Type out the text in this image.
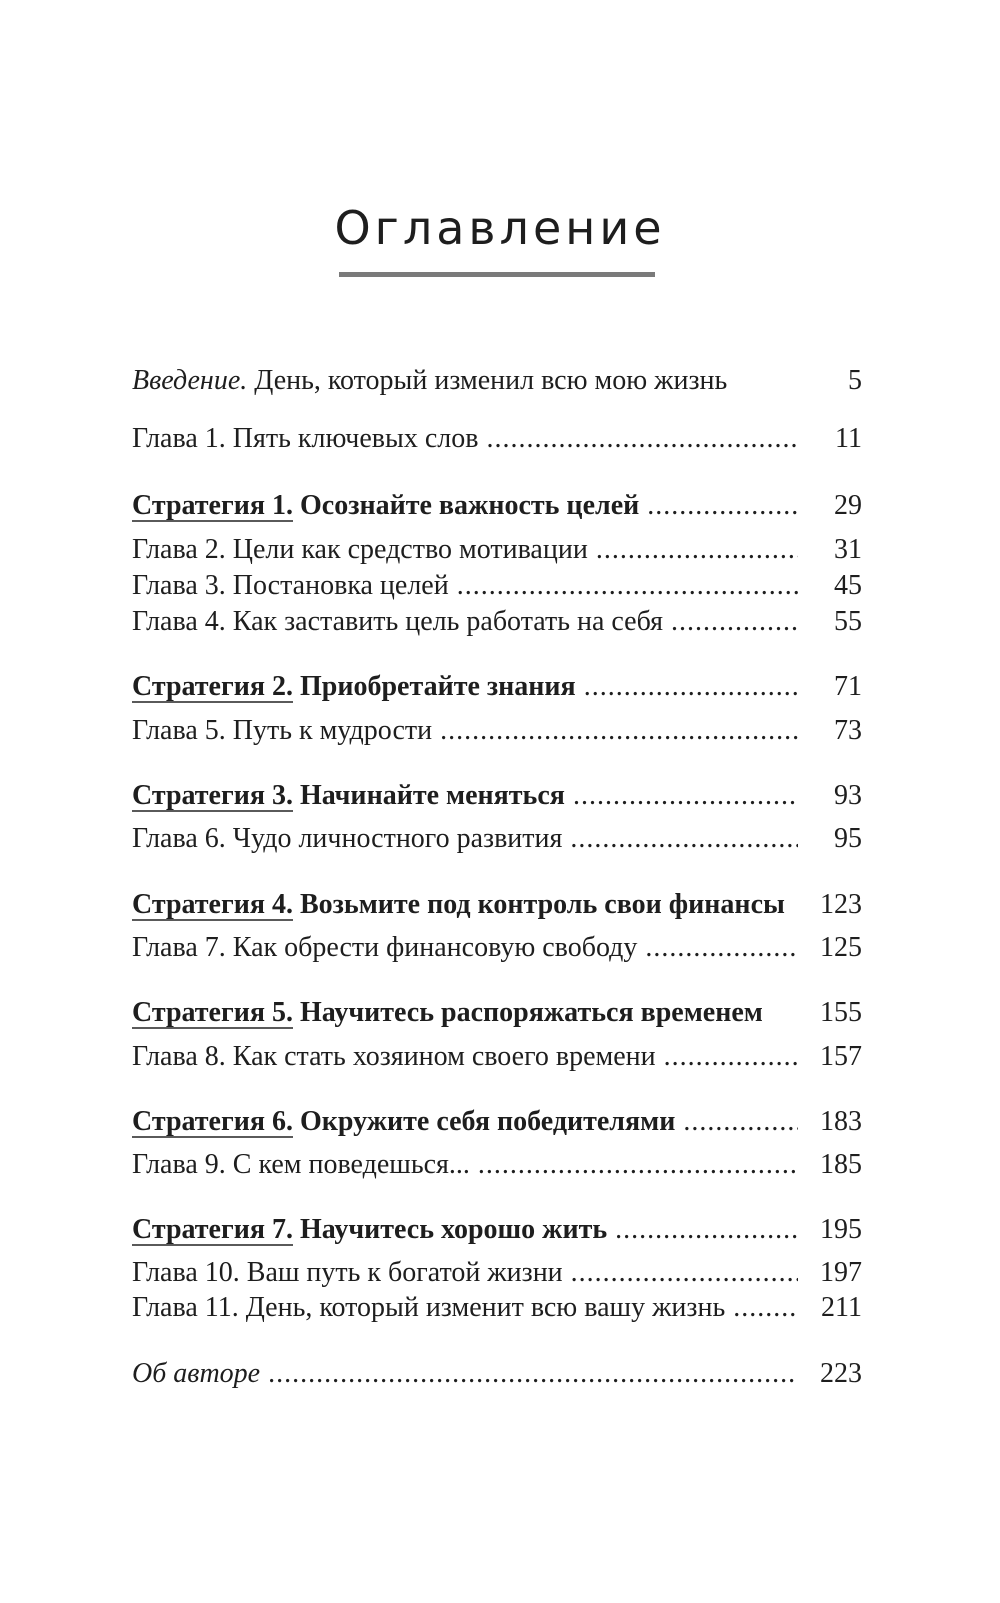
Оглавление
Введение. День, который изменил всю мою жизнь	5
Глава 1. Пять ключевых слов .....	11
Стратегия 1. Осознайте важность целей .....	29
Глава 2. Цели как средство мотивации .....	31
Глава 3. Постановка целей .....	45
Глава 4. Как заставить цель работать на себя .....	55
Стратегия 2. Приобретайте знания .....	71
Глава 5. Путь к мудрости .....	73
Стратегия 3. Начинайте меняться .....	93
Глава 6. Чудо личностного развития .....	95
Стратегия 4. Возьмите под контроль свои финансы	123
Глава 7. Как обрести финансовую свободу .....	125
Стратегия 5. Научитесь распоряжаться временем	155
Глава 8. Как стать хозяином своего времени .....	157
Стратегия 6. Окружите себя победителями .....	183
Глава 9. С кем поведешься... .....	185
Стратегия 7. Научитесь хорошо жить .....	195
Глава 10. Ваш путь к богатой жизни .....	197
Глава 11. День, который изменит всю вашу жизнь .....	211
Об авторе .....	223
